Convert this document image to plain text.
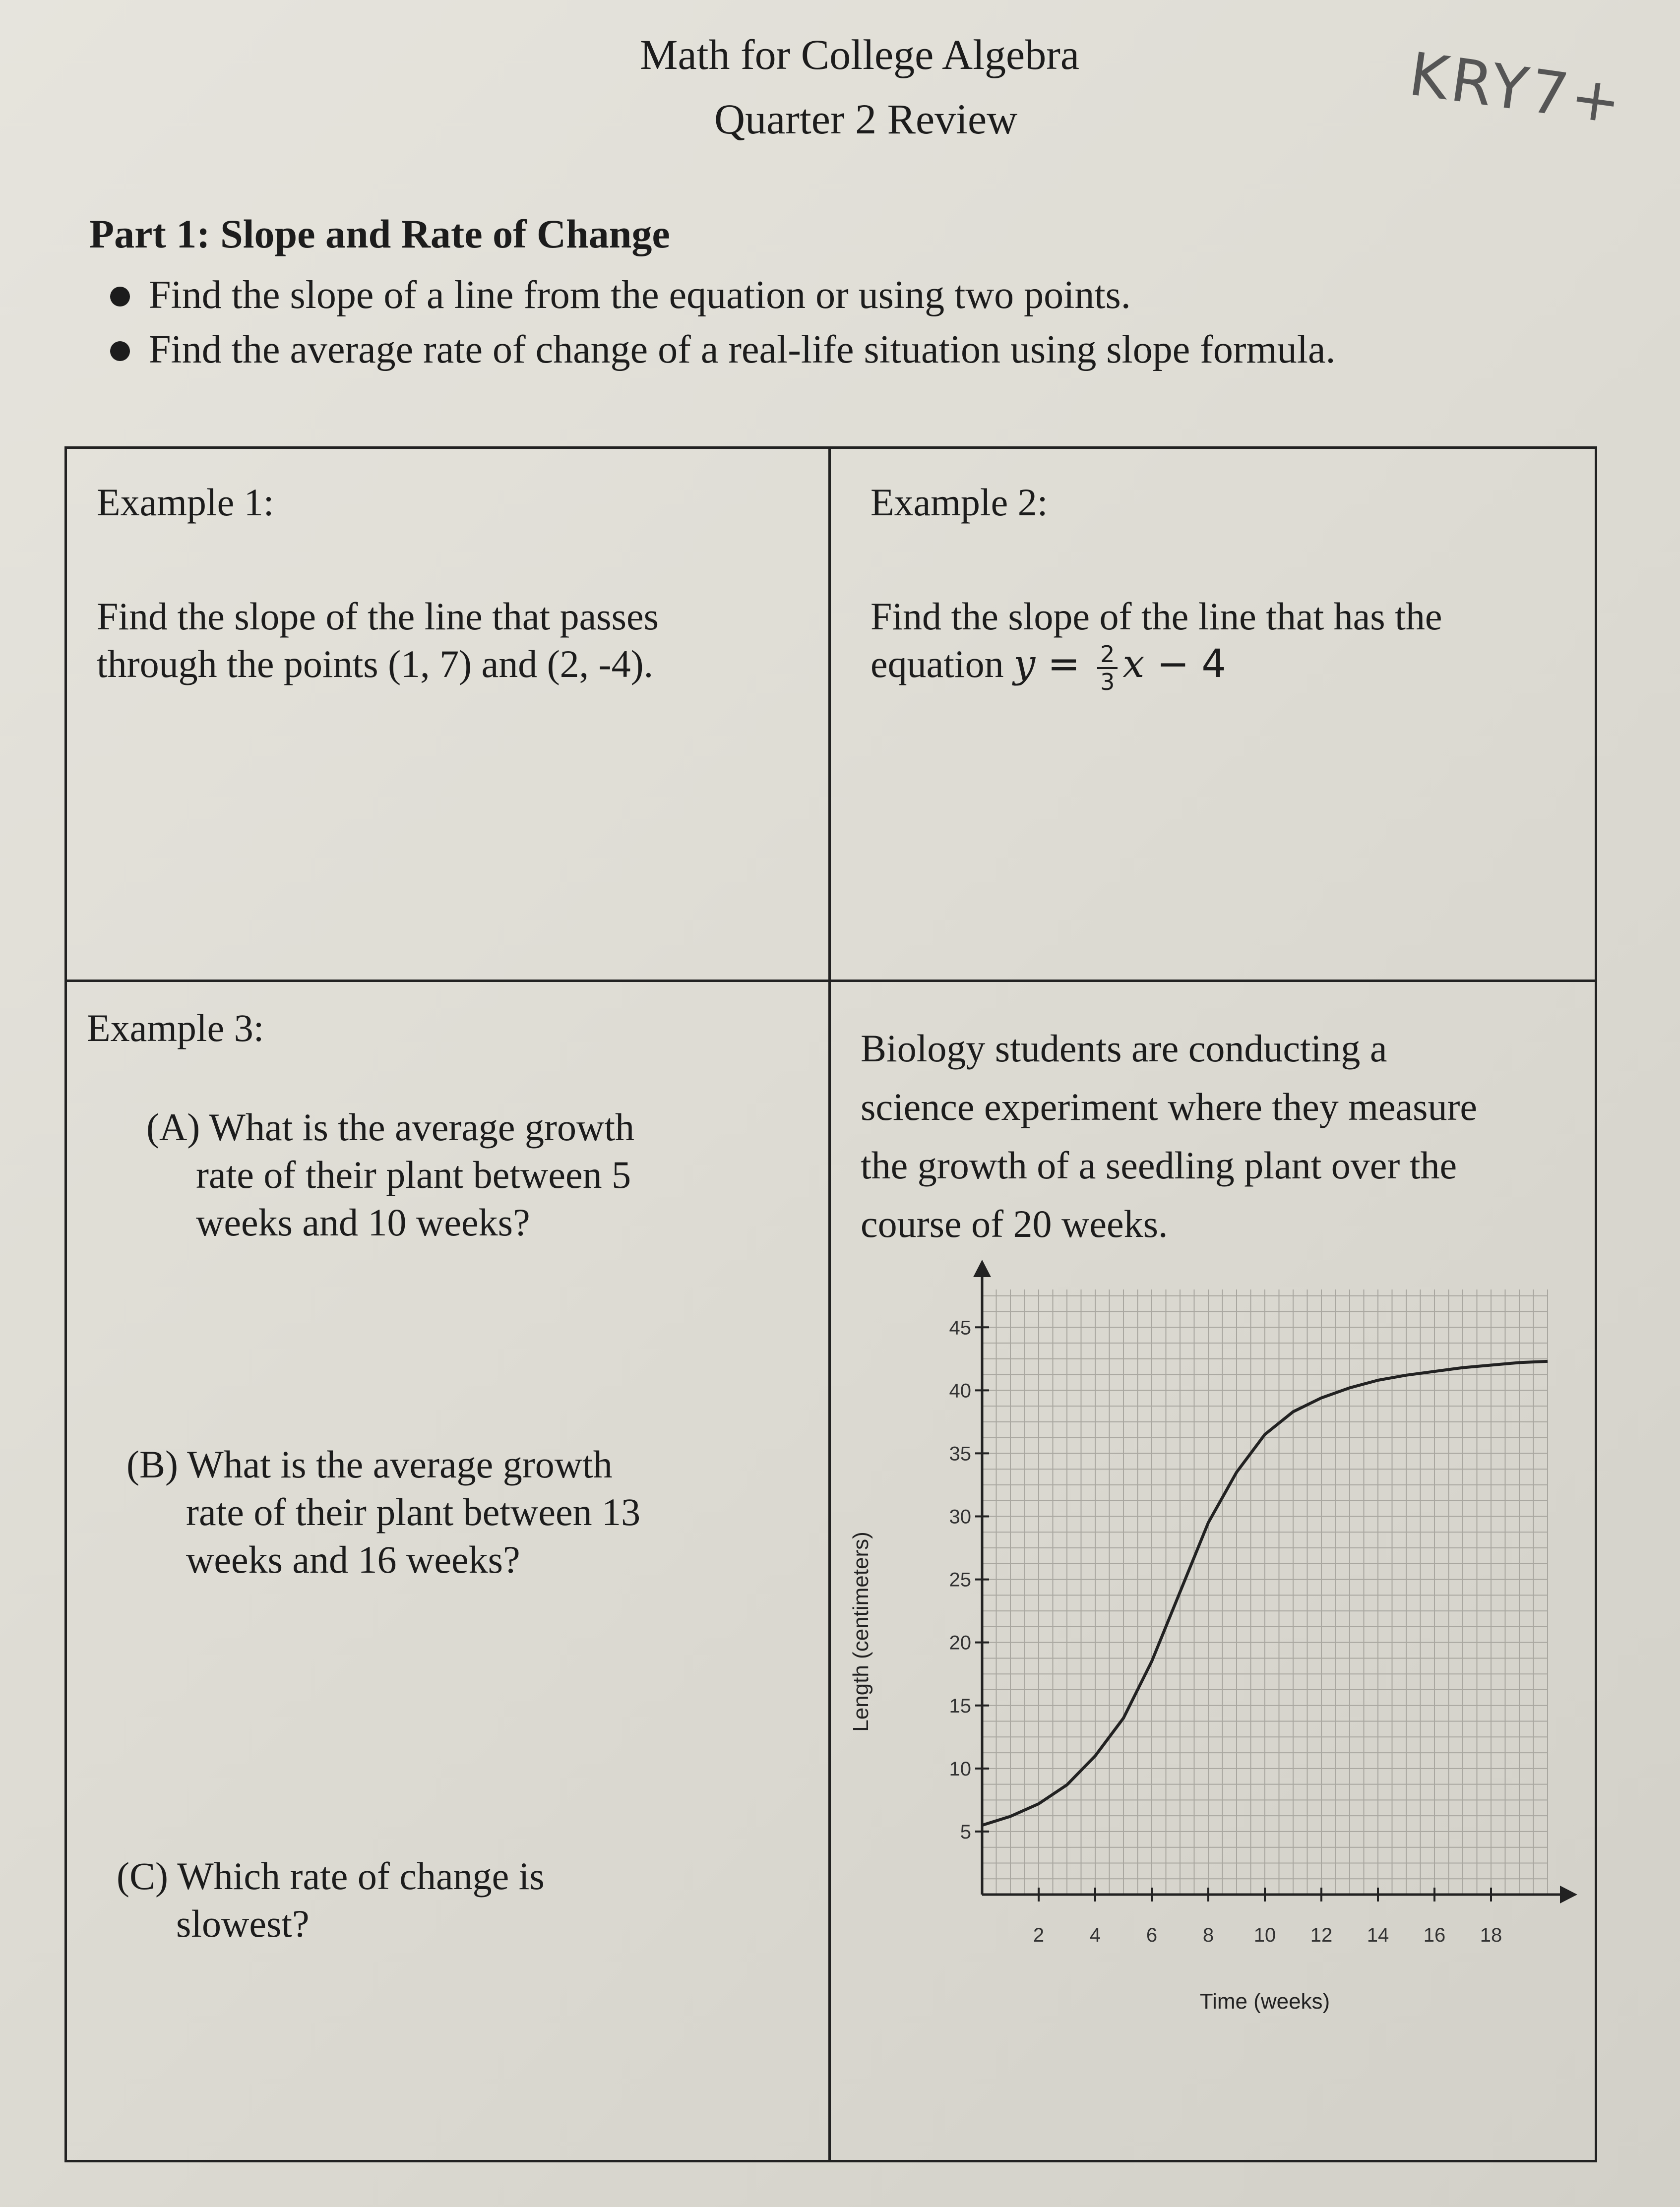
Math for College Algebra
Quarter 2 Review	KRY7+
Part 1: Slope and Rate of Change
Find the slope of a line from the equation or using two points.
Find the average rate of change of a real-life situation using slope formula.
Example 1:
Find the slope of the line that passes
through the points (1, 7) and (2, -4).
Example 2:
Find the slope of the line that has the
equation $y = \frac{2}{3}$ x − 4
Example 3:
(A) What is the average growth
rate of their plant between 5
weeks and 10 weeks?
(B) What is the average growth
rate of their plant between 13
weeks and 16 weeks?
(C) Which rate of change is
slowest?
Biology students are conducting a
science experiment where they measure
the growth of a seedling plant over the
course of 20 weeks.
2 4 6 8 10 12 14 16 18
5
10
15
20
25
30
35
40
45
Time (weeks)
Length (centimeters)
